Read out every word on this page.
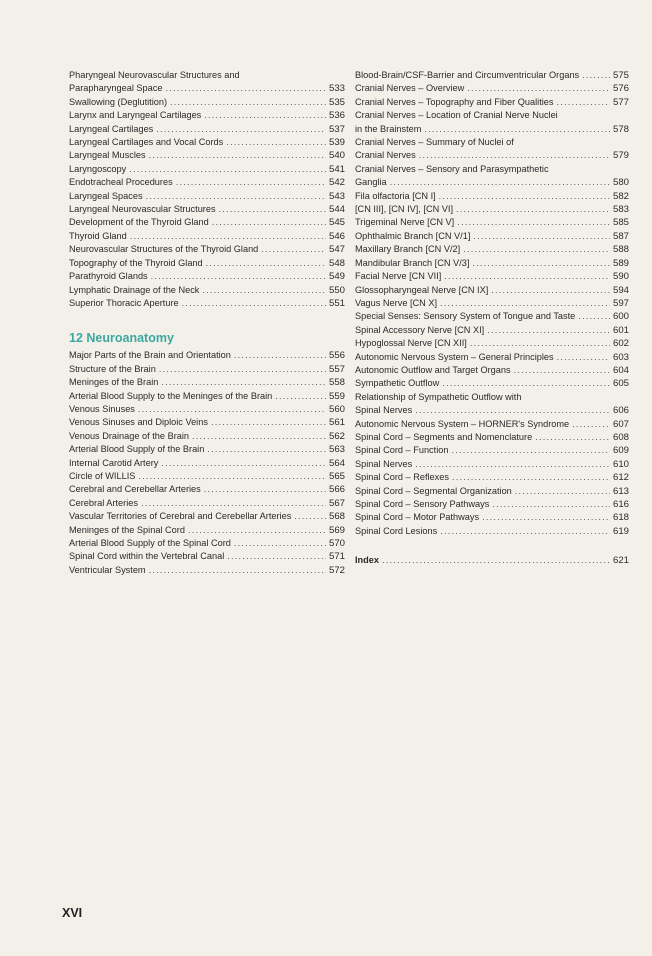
Pharyngeal Neurovascular Structures and
Parapharyngeal Space .....	533
Swallowing (Deglutition) .....	535
Larynx and Laryngeal Cartilages .....	536
Laryngeal Cartilages .....	537
Laryngeal Cartilages and Vocal Cords .....	539
Laryngeal Muscles .....	540
Laryngoscopy .....	541
Endotracheal Procedures .....	542
Laryngeal Spaces .....	543
Laryngeal Neurovascular Structures .....	544
Development of the Thyroid Gland .....	545
Thyroid Gland .....	546
Neurovascular Structures of the Thyroid Gland .....	547
Topography of the Thyroid Gland .....	548
Parathyroid Glands .....	549
Lymphatic Drainage of the Neck .....	550
Superior Thoracic Aperture .....	551
12 Neuroanatomy
Major Parts of the Brain and Orientation .....	556
Structure of the Brain .....	557
Meninges of the Brain .....	558
Arterial Blood Supply to the Meninges of the Brain .....	559
Venous Sinuses .....	560
Venous Sinuses and Diploic Veins .....	561
Venous Drainage of the Brain .....	562
Arterial Blood Supply of the Brain .....	563
Internal Carotid Artery .....	564
Circle of WILLIS .....	565
Cerebral and Cerebellar Arteries .....	566
Cerebral Arteries .....	567
Vascular Territories of Cerebral and Cerebellar Arteries .....	568
Meninges of the Spinal Cord .....	569
Arterial Blood Supply of the Spinal Cord .....	570
Spinal Cord within the Vertebral Canal .....	571
Ventricular System .....	572
Blood-Brain/CSF-Barrier and Circumventricular Organs .....	575
Cranial Nerves – Overview .....	576
Cranial Nerves – Topography and Fiber Qualities .....	577
Cranial Nerves – Location of Cranial Nerve Nuclei
in the Brainstem .....	578
Cranial Nerves – Summary of Nuclei of
Cranial Nerves .....	579
Cranial Nerves – Sensory and Parasympathetic
Ganglia .....	580
Fila olfactoria [CN I] .....	582
[CN III], [CN IV], [CN VI] .....	583
Trigeminal Nerve [CN V] .....	585
Ophthalmic Branch [CN V/1] .....	587
Maxillary Branch [CN V/2] .....	588
Mandibular Branch [CN V/3] .....	589
Facial Nerve [CN VII] .....	590
Glossopharyngeal Nerve [CN IX] .....	594
Vagus Nerve [CN X] .....	597
Special Senses: Sensory System of Tongue and Taste .....	600
Spinal Accessory Nerve [CN XI] .....	601
Hypoglossal Nerve [CN XII] .....	602
Autonomic Nervous System – General Principles .....	603
Autonomic Outflow and Target Organs .....	604
Sympathetic Outflow .....	605
Relationship of Sympathetic Outflow with
Spinal Nerves .....	606
Autonomic Nervous System – HORNER's Syndrome .....	607
Spinal Cord – Segments and Nomenclature .....	608
Spinal Cord – Function .....	609
Spinal Nerves .....	610
Spinal Cord – Reflexes .....	612
Spinal Cord – Segmental Organization .....	613
Spinal Cord – Sensory Pathways .....	616
Spinal Cord – Motor Pathways .....	618
Spinal Cord Lesions .....	619
Index .....	621
XVI
